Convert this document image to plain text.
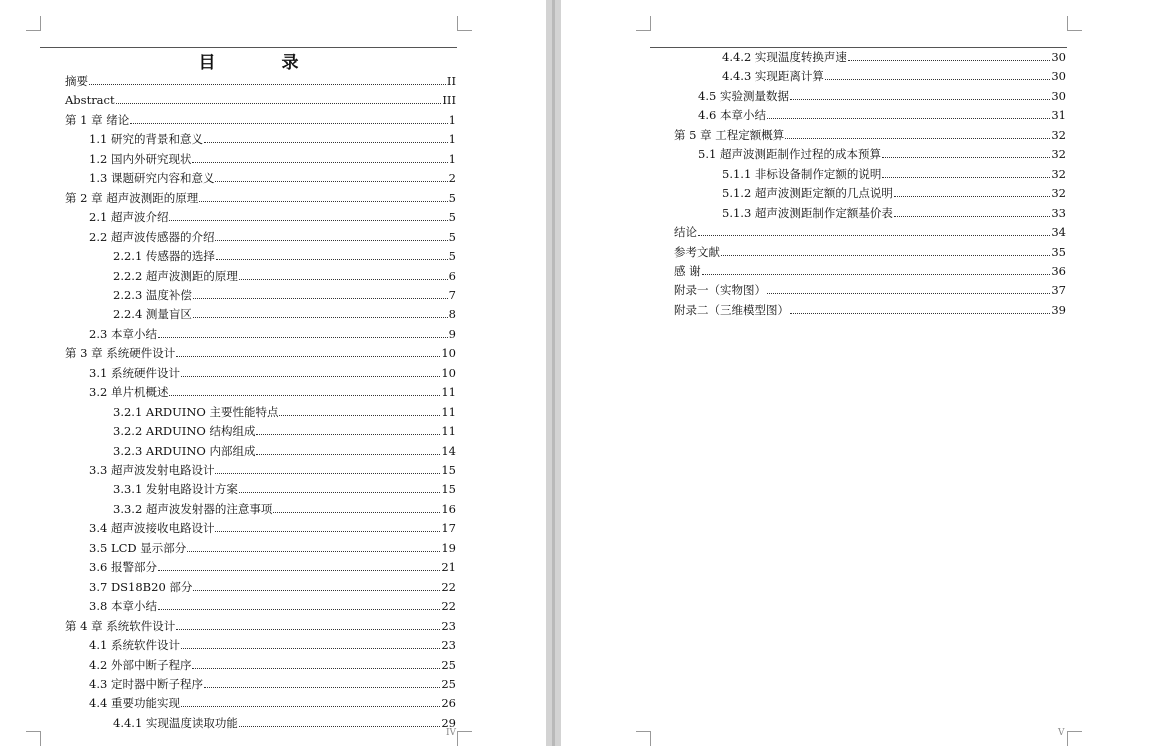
目 录
摘要	II
Abstract	III
第 1 章 绪论	1
1.1 研究的背景和意义	1
1.2 国内外研究现状	1
1.3 课题研究内容和意义	2
第 2 章 超声波测距的原理	5
2.1 超声波介绍	5
2.2 超声波传感器的介绍	5
2.2.1 传感器的选择	5
2.2.2 超声波测距的原理	6
2.2.3 温度补偿	7
2.2.4 测量盲区	8
2.3 本章小结	9
第 3 章 系统硬件设计	10
3.1 系统硬件设计	10
3.2 单片机概述	11
3.2.1 ARDUINO 主要性能特点	11
3.2.2 ARDUINO 结构组成	11
3.2.3 ARDUINO 内部组成	14
3.3 超声波发射电路设计	15
3.3.1 发射电路设计方案	15
3.3.2 超声波发射器的注意事项	16
3.4 超声波接收电路设计	17
3.5 LCD 显示部分	19
3.6 报警部分	21
3.7 DS18B20 部分	22
3.8 本章小结	22
第 4 章 系统软件设计	23
4.1 系统软件设计	23
4.2 外部中断子程序	25
4.3 定时器中断子程序	25
4.4 重要功能实现	26
4.4.1 实现温度读取功能	29
IV
4.4.2 实现温度转换声速	30
4.4.3 实现距离计算	30
4.5 实验测量数据	30
4.6 本章小结	31
第 5 章 工程定额概算	32
5.1 超声波测距制作过程的成本预算	32
5.1.1 非标设备制作定额的说明	32
5.1.2 超声波测距定额的几点说明	32
5.1.3 超声波测距制作定额基价表	33
结论	34
参考文献	35
感 谢	36
附录一（实物图）	37
附录二（三维模型图）	39
V
